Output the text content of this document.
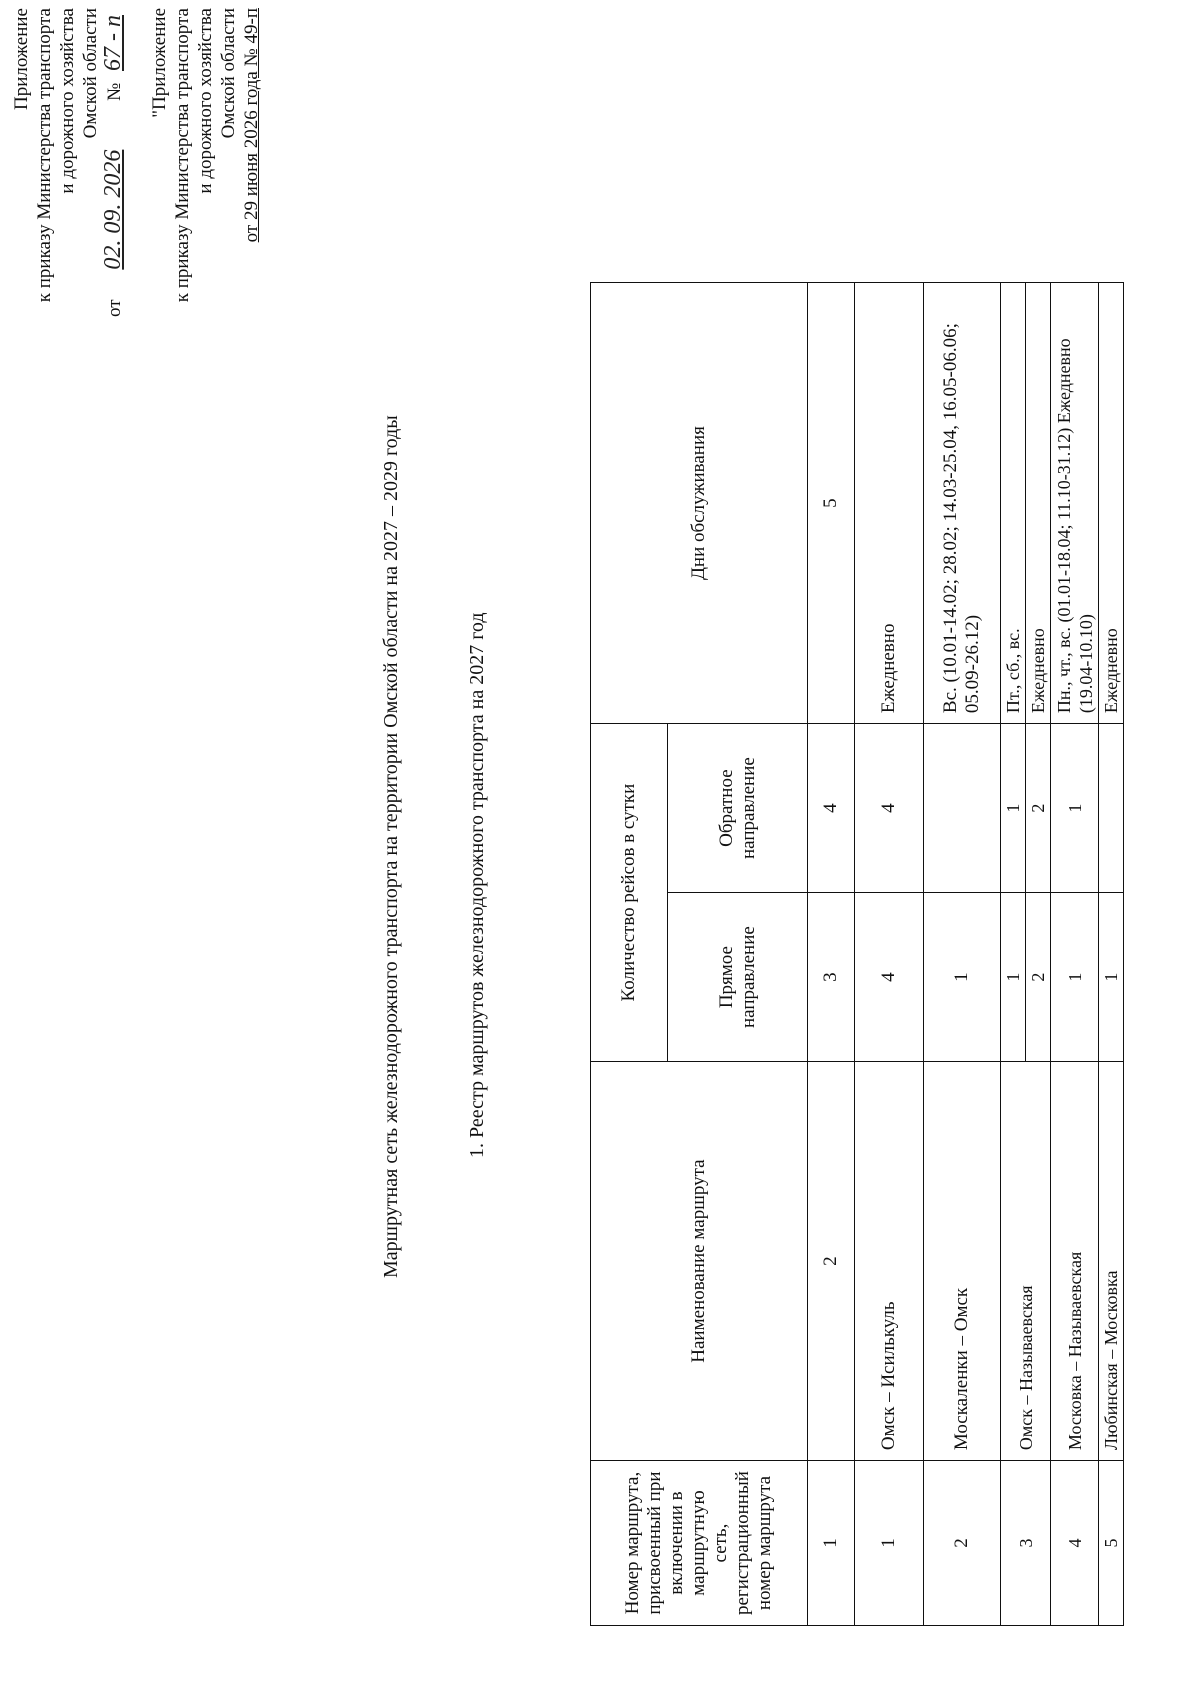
Приложение к приказу Министерства транспорта и дорожного хозяйства Омской области
от 02. 09. 2026     № 67 - п "Приложение к приказу Министерства транспорта и дорожного хозяйства Омской области от 29 июня 2026 года № 49-п
Маршрутная сеть железнодорожного транспорта на территории Омской области на 2027 – 2029 годы	1. Реестр маршрутов железнодорожного транспорта на 2027 год
Номер маршрута, присвоенный при включении в маршрутную сеть, регистрационный номер маршрута	Наименование маршрута	Количество рейсов в сутки		Дни обслуживания
		Прямое направление	Обратное направление	
1	2	3	4	5
1	Омск – Исилькуль	4	4	Ежедневно
2	Москаленки – Омск	1		Вс. (10.01-14.02; 28.02; 14.03-25.04, 16.05-06.06; 05.09-26.12)
3	Омск – Называевская	1	1	Пт., сб., вс.
		2	2	Ежедневно
4	Московка – Называевская	1	1	Пн., чт., вс. (01.01-18.04; 11.10-31.12) Ежедневно (19.04-10.10)
5	Любинская – Московка	1		Ежедневно
